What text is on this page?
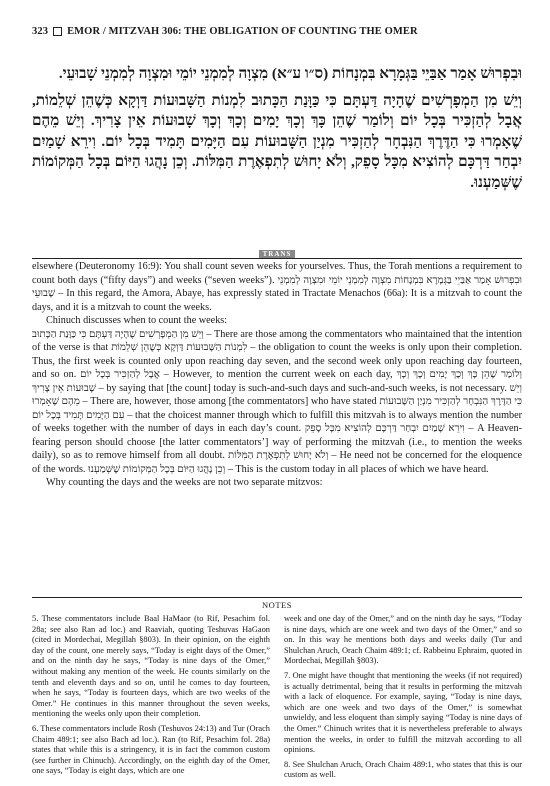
323 EMOR / MITZVAH 306: THE OBLIGATION OF COUNTING THE OMER

וּבִפְרוּשׁ אָמַר אַבַּיֵי בַּגְּמָרָא בִּמְנָחוֹת (ס״ו ע״א) מִצְוָה לְמִמְנֵי יוֹמֵי וּמִצְוָה לְמִמְנֵי שָׁבוּעֵי.

וְיֵשׁ מִן הַמְפָרְשִׁים שֶׁהָיָה דַּעְתָּם כִּי כַּוָּנַת הַכָּתוּב לִמְנוֹת הַשָּׁבוּעוֹת דַּוְקָא כְּשֶׁהֵן שְׁלֵמוֹת, אֲבָל לְהַזְכִּיר בְּכָל יוֹם וְלוֹמַר שֶׁהֵן כָּךְ וְכָךְ יָמִים וְכָךְ וְכָךְ שָׁבוּעוֹת אֵין צָרִיךְ. וְיֵשׁ מֵהֶם שֶׁאָמְרוּ כִּי הַדֶּרֶךְ הַנִּבְחָר לְהַזְכִּיר מִנְיַן הַשָּׁבוּעוֹת עִם הַיָּמִים תָּמִיד בְּכָל יוֹם. וִירֵא שָׁמַיִם יִבְחַר דַּרְכָּם לְהוֹצִיא מִכָּל סָפֵק, וְלֹא יָחוּשׁ לְתִפְאֶרֶת הַמִּלּוֹת. וְכֵן נָהֲגוּ הַיּוֹם בְּכָל הַמְּקוֹמוֹת שֶׁשְּׁמַעְנוּ.

TRANS

elsewhere (Deuteronomy 16:9): You shall count seven weeks for yourselves. Thus, the Torah mentions a requirement to count both days (“fifty days”) and weeks (“seven weeks”). וּבִפְרוּשׁ אָמַר אַבַּיֵי בַּגְּמָרָא בִּמְנָחוֹת מִצְוָה לְמִמְנֵי יוֹמֵי וּמִצְוָה לְמִמְנֵי שָׁבוּעֵי – In this regard, the Amora, Abaye, has expressly stated in Tractate Menachos (66a): It is a mitzvah to count the days, and it is a mitzvah to count the weeks.

Chinuch discusses when to count the weeks:

וְיֵשׁ מִן הַמְפָרְשִׁים שֶׁהָיָה דַּעְתָּם כִּי כַּוָּנַת הַכָּתוּב – There are those among the commentators who maintained that the intention of the verse is that לִמְנוֹת הַשָּׁבוּעוֹת דַּוְקָא כְּשֶׁהֵן שְׁלֵמוֹת – the obligation to count the weeks is only upon their completion. Thus, the first week is counted only upon reaching day seven, and the second week only upon reaching day fourteen, and so on. אֲבָל לְהַזְכִּיר בְּכָל יוֹם – However, to mention the current week on each day, וְלוֹמַר שֶׁהֵן כָּךְ וְכָךְ יָמִים וְכָךְ וְכָךְ שָׁבוּעוֹת אֵין צָרִיךְ – by saying that [the count] today is such-and-such days and such-and-such weeks, is not necessary. וְיֵשׁ מֵהֶם שֶׁאָמְרוּ – There are, however, those among [the commentators] who have stated כִּי הַדֶּרֶךְ הַנִּבְחָר לְהַזְכִּיר מִנְיַן הַשָּׁבוּעוֹת עִם הַיָּמִים תָּמִיד בְּכָל יוֹם – that the choicest manner through which to fulfill this mitzvah is to always mention the number of weeks together with the number of days in each day’s count. וִירֵא שָׁמַיִם יִבְחַר דַּרְכָּם לְהוֹצִיא מִכָּל סָפֵק – A Heaven-fearing person should choose [the latter commentators’] way of performing the mitzvah (i.e., to mention the weeks daily), so as to remove himself from all doubt. וְלֹא יָחוּשׁ לְתִפְאֶרֶת הַמִּלּוֹת – He need not be concerned for the eloquence of the words. וְכֵן נָהֲגוּ הַיּוֹם בְּכָל הַמְּקוֹמוֹת שֶׁשְּׁמַעְנוּ – This is the custom today in all places of which we have heard.

Why counting the days and the weeks are not two separate mitzvos:

NOTES

5. These commentators include Baal HaMaor (to Rif, Pesachim fol. 28a; see also Ran ad loc.) and Raaviah, quoting Teshuvas HaGaon (cited in Mordechai, Megillah §803). In their opinion, on the eighth day of the count, one merely says, “Today is eight days of the Omer,” and on the ninth day he says, “Today is nine days of the Omer,” without making any mention of the week. He counts similarly on the tenth and eleventh days and so on, until he comes to day fourteen, when he says, “Today is fourteen days, which are two weeks of the Omer.” He continues in this manner throughout the seven weeks, mentioning the weeks only upon their completion.

6. These commentators include Rosh (Teshuvos 24:13) and Tur (Orach Chaim 489:1; see also Bach ad loc.). Ran (to Rif, Pesachim fol. 28a) states that while this is a stringency, it is in fact the common custom (see further in Chinuch). Accordingly, on the eighth day of the Omer, one says, “Today is eight days, which are one

week and one day of the Omer,” and on the ninth day he says, “Today is nine days, which are one week and two days of the Omer,” and so on. In this way he mentions both days and weeks daily (Tur and Shulchan Aruch, Orach Chaim 489:1; cf. Rabbeinu Ephraim, quoted in Mordechai, Megillah §803).

7. One might have thought that mentioning the weeks (if not required) is actually detrimental, being that it results in performing the mitzvah with a lack of eloquence. For example, saying, “Today is nine days, which are one week and two days of the Omer,” is somewhat unwieldy, and less eloquent than simply saying “Today is nine days of the Omer.” Chinuch writes that it is nevertheless preferable to always mention the weeks, in order to fulfill the mitzvah according to all opinions.

8. See Shulchan Aruch, Orach Chaim 489:1, who states that this is our custom as well.
